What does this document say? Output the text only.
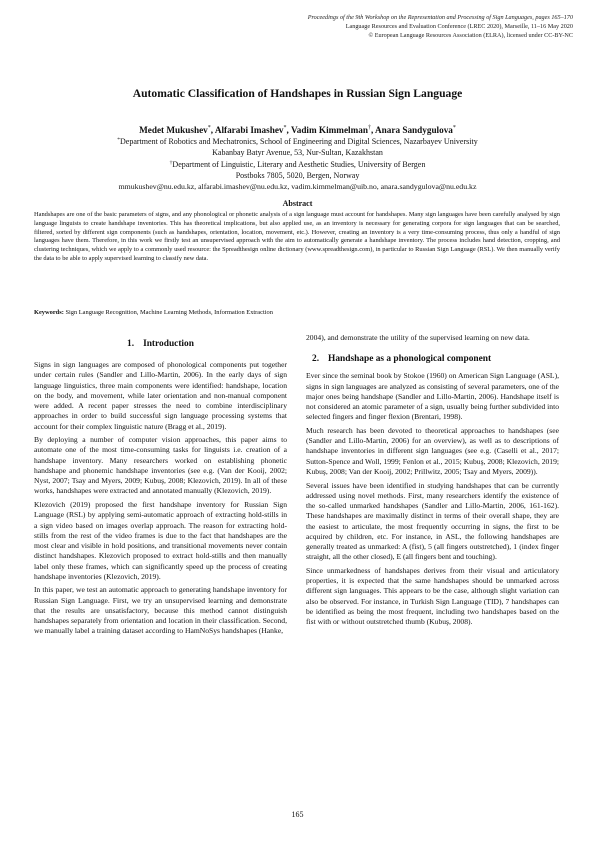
Proceedings of the 9th Workshop on the Representation and Processing of Sign Languages, pages 165–170
Language Resources and Evaluation Conference (LREC 2020), Marseille, 11–16 May 2020
© European Language Resources Association (ELRA), licensed under CC-BY-NC
Automatic Classification of Handshapes in Russian Sign Language
Medet Mukushev*, Alfarabi Imashev*, Vadim Kimmelman†, Anara Sandygulova*
*Department of Robotics and Mechatronics, School of Engineering and Digital Sciences, Nazarbayev University
Kabanbay Batyr Avenue, 53, Nur-Sultan, Kazakhstan
†Department of Linguistic, Literary and Aesthetic Studies, University of Bergen
Postboks 7805, 5020, Bergen, Norway
mmukushev@nu.edu.kz, alfarabi.imashev@nu.edu.kz, vadim.kimmelman@uib.no, anara.sandygulova@nu.edu.kz
Abstract
Handshapes are one of the basic parameters of signs, and any phonological or phonetic analysis of a sign language must account for handshapes. Many sign languages have been carefully analysed by sign language linguists to create handshape inventories. This has theoretical implications, but also applied use, as an inventory is necessary for generating corpora for sign languages that can be searched, filtered, sorted by different sign components (such as handshapes, orientation, location, movement, etc.). However, creating an inventory is a very time-consuming process, thus only a handful of sign languages have them. Therefore, in this work we firstly test an unsupervised approach with the aim to automatically generate a handshape inventory. The process includes hand detection, cropping, and clustering techniques, which we apply to a commonly used resource: the Spreadthesign online dictionary (www.spreadthesign.com), in particular to Russian Sign Language (RSL). We then manually verify the data to be able to apply supervised learning to classify new data.
Keywords: Sign Language Recognition, Machine Learning Methods, Information Extraction
1. Introduction

Signs in sign languages are composed of phonological components put together under certain rules (Sandler and Lillo-Martin, 2006). In the early days of sign language linguistics, three main components were identified: handshape, location on the body, and movement, while later orientation and non-manual component were added. A recent paper stresses the need to combine interdisciplinary approaches in order to build successful sign language processing systems that account for their complex linguistic nature (Bragg et al., 2019).

By deploying a number of computer vision approaches, this paper aims to automate one of the most time-consuming tasks for linguists i.e. creation of a handshape inventory. Many researchers worked on establishing phonetic handshape and phonemic handshape inventories (see e.g. (Van der Kooij, 2002; Nyst, 2007; Tsay and Myers, 2009; Kubuş, 2008; Klezovich, 2019). In all of these works, handshapes were extracted and annotated manually (Klezovich, 2019).

Klezovich (2019) proposed the first handshape inventory for Russian Sign Language (RSL) by applying semi-automatic approach of extracting hold-stills in a sign video based on images overlap approach. The reason for extracting hold-stills from the rest of the video frames is due to the fact that handshapes are the most clear and visible in hold positions, and transitional movements never contain distinct handshapes. Klezovich proposed to extract hold-stills and then manually label only these frames, which can significantly speed up the process of creating handshape inventories (Klezovich, 2019).

In this paper, we test an automatic approach to generating handshape inventory for Russian Sign Language. First, we try an unsupervised learning and demonstrate that the results are unsatisfactory, because this method cannot distinguish handshapes separately from orientation and location in their classification. Second, we manually label a training dataset according to HamNoSys handshapes (Hanke,

2004), and demonstrate the utility of the supervised learning on new data.

2. Handshape as a phonological component

Ever since the seminal book by Stokoe (1960) on American Sign Language (ASL), signs in sign languages are analyzed as consisting of several parameters, one of the major ones being handshape (Sandler and Lillo-Martin, 2006). Handshape itself is not considered an atomic parameter of a sign, usually being further subdivided into selected fingers and finger flexion (Brentari, 1998).

Much research has been devoted to theoretical approaches to handshapes (see (Sandler and Lillo-Martin, 2006) for an overview), as well as to descriptions of handshape inventories in different sign languages (see e.g. (Caselli et al., 2017; Sutton-Spence and Woll, 1999; Fenlon et al., 2015; Kubuş, 2008; Klezovich, 2019; Kubuş, 2008; Van der Kooij, 2002; Prillwitz, 2005; Tsay and Myers, 2009)).

Several issues have been identified in studying handshapes that can be currently addressed using novel methods. First, many researchers identify the existence of the so-called unmarked handshapes (Sandler and Lillo-Martin, 2006, 161-162). These handshapes are maximally distinct in terms of their overall shape, they are the easiest to articulate, the most frequently occurring in signs, the first to be acquired by children, etc. For instance, in ASL, the following handshapes are generally treated as unmarked: A (fist), 5 (all fingers outstretched), 1 (index finger straight, all the other closed), E (all fingers bent and touching).

Since unmarkedness of handshapes derives from their visual and articulatory properties, it is expected that the same handshapes should be unmarked across different sign languages. This appears to be the case, although slight variation can also be observed. For instance, in Turkish Sign Language (TID), 7 handshapes can be identified as being the most frequent, including two handshapes based on the fist with or without outstretched thumb (Kubuş, 2008).

165
